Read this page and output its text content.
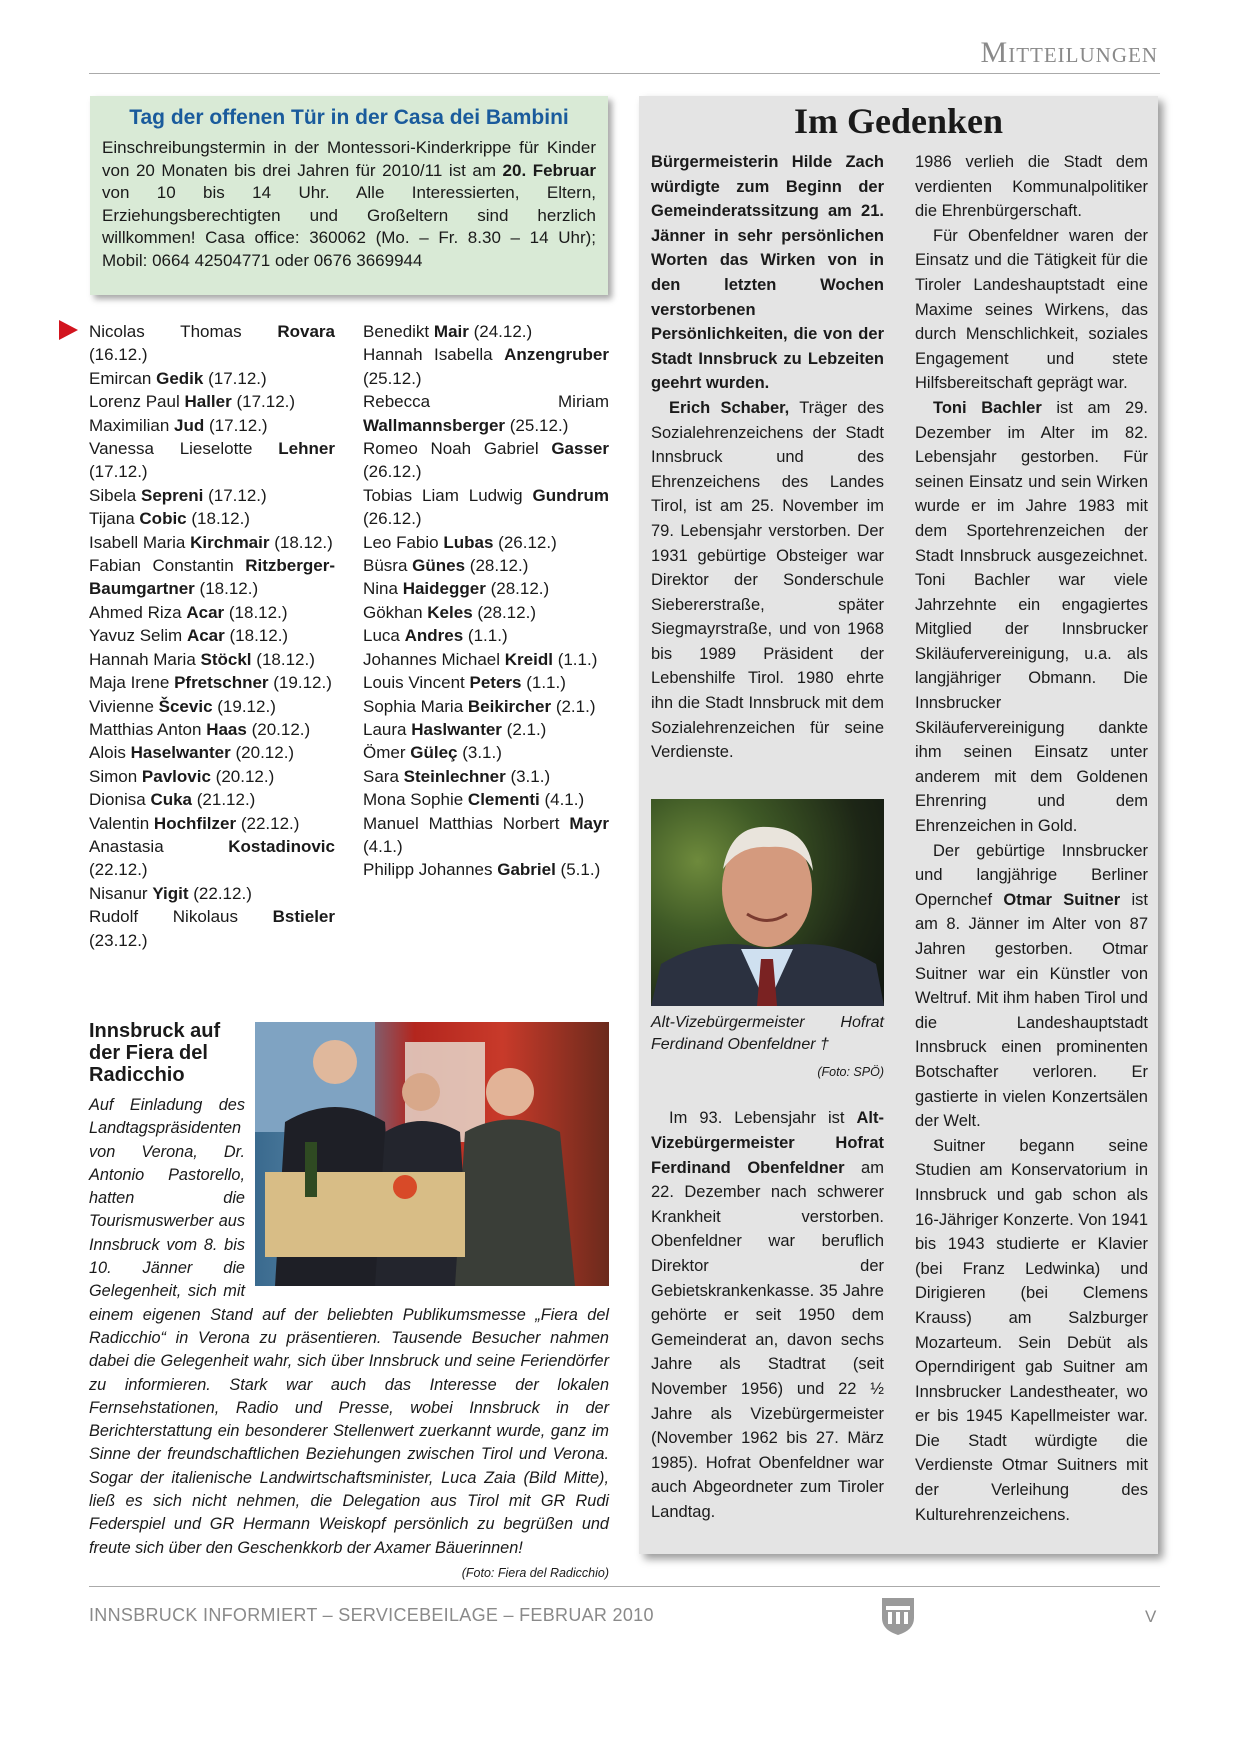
Mitteilungen
Tag der offenen Tür in der Casa dei Bambini

Einschreibungstermin in der Montessori-Kinderkrippe für Kinder von 20 Monaten bis drei Jahren für 2010/11 ist am 20. Februar von 10 bis 14 Uhr. Alle Interessierten, Eltern, Erziehungsberechtigten und Großeltern sind herzlich willkommen! Casa office: 360062 (Mo. – Fr. 8.30 – 14 Uhr); Mobil: 0664 42504771 oder 0676 3669944

Nicolas Thomas Rovara (16.12.)
Emircan Gedik (17.12.)
Lorenz Paul Haller (17.12.)
Maximilian Jud (17.12.)
Vanessa Lieselotte Lehner (17.12.)
Sibela Sepreni (17.12.)
Tijana Cobic (18.12.)
Isabell Maria Kirchmair (18.12.)
Fabian Constantin Ritzberger-Baumgartner (18.12.)
Ahmed Riza Acar (18.12.)
Yavuz Selim Acar (18.12.)
Hannah Maria Stöckl (18.12.)
Maja Irene Pfretschner (19.12.)
Vivienne Šcevic (19.12.)
Matthias Anton Haas (20.12.)
Alois Haselwanter (20.12.)
Simon Pavlovic (20.12.)
Dionisa Cuka (21.12.)
Valentin Hochfilzer (22.12.)
Anastasia	Kostadinovic (22.12.)
Nisanur Yigit (22.12.)
Rudolf Nikolaus Bstieler (23.12.)
Benedikt Mair (24.12.)
Hannah Isabella Anzengruber (25.12.)
Rebecca Miriam Wallmannsberger (25.12.)
Romeo Noah Gabriel Gasser (26.12.)
Tobias Liam Ludwig Gundrum (26.12.)
Leo Fabio Lubas (26.12.)
Büsra Günes (28.12.)
Nina Haidegger (28.12.)
Gökhan Keles (28.12.)
Luca Andres (1.1.)
Johannes Michael Kreidl (1.1.)
Louis Vincent Peters (1.1.)
Sophia Maria Beikircher (2.1.)
Laura Haslwanter (2.1.)
Ömer Güleç (3.1.)
Sara Steinlechner (3.1.)
Mona Sophie Clementi (4.1.)
Manuel Matthias Norbert Mayr (4.1.)
Philipp Johannes Gabriel (5.1.)
Innsbruck auf der Fiera del Radicchio

Auf Einladung des Landtagspräsidenten von Verona, Dr. Antonio Pastorello, hatten die Tourismuswerber aus Innsbruck vom 8. bis 10. Jänner die Gelegenheit, sich mit einem eigenen Stand auf der beliebten Publikumsmesse „Fiera del Radicchio“ in Verona zu präsentieren. Tausende Besucher nahmen dabei die Gelegenheit wahr, sich über Innsbruck und seine Feriendörfer zu informieren. Stark war auch das Interesse der lokalen Fernsehstationen, Radio und Presse, wobei Innsbruck in der Berichterstattung ein besonderer Stellenwert zuerkannt wurde, ganz im Sinne der freundschaftlichen Beziehungen zwischen Tirol und Verona. Sogar der italienische Landwirtschaftsminister, Luca Zaia (Bild Mitte), ließ es sich nicht nehmen, die Delegation aus Tirol mit GR Rudi Federspiel und GR Hermann Weiskopf persönlich zu begrüßen und freute sich über den Geschenkkorb der Axamer Bäuerinnen!
(Foto: Fiera del Radicchio)

Im Gedenken

Bürgermeisterin Hilde Zach würdigte zum Beginn der Gemeinderatssitzung am 21. Jänner in sehr persönlichen Worten das Wirken von in den letzten Wochen verstorbenen Persönlichkeiten, die von der Stadt Innsbruck zu Lebzeiten geehrt wurden.

Erich Schaber, Träger des Sozialehrenzeichens der Stadt Innsbruck und des Ehrenzeichens des Landes Tirol, ist am 25. November im 79. Lebensjahr verstorben. Der 1931 gebürtige Obsteiger war Direktor der Sonderschule Siebererstraße, später Siegmayrstraße, und von 1968 bis 1989 Präsident der Lebenshilfe Tirol. 1980 ehrte ihn die Stadt Innsbruck mit dem Sozialehrenzeichen für seine Verdienste.

Alt-Vizebürgermeister Hofrat Ferdinand Obenfeldner †

(Foto: SPÖ)

Im 93. Lebensjahr ist Alt-Vizebürgermeister Hofrat Ferdinand Obenfeldner am 22. Dezember nach schwerer Krankheit verstorben. Obenfeldner war beruflich Direktor der Gebietskrankenkasse. 35 Jahre gehörte er seit 1950 dem Gemeinderat an, davon sechs Jahre als Stadtrat (seit November 1956) und 22 ½ Jahre als Vizebürgermeister (November 1962 bis 27. März 1985). Hofrat Obenfeldner war auch Abgeordneter zum Tiroler Landtag.

1986 verlieh die Stadt dem verdienten Kommunalpolitiker die Ehrenbürgerschaft.

Für Obenfeldner waren der Einsatz und die Tätigkeit für die Tiroler Landeshauptstadt eine Maxime seines Wirkens, das durch Menschlichkeit, soziales Engagement und stete Hilfsbereitschaft geprägt war.

Toni Bachler ist am 29. Dezember im Alter im 82. Lebensjahr gestorben. Für seinen Einsatz und sein Wirken wurde er im Jahre 1983 mit dem Sportehrenzeichen der Stadt Innsbruck ausgezeichnet. Toni Bachler war viele Jahrzehnte ein engagiertes Mitglied der Innsbrucker Skiläufervereinigung, u.a. als langjähriger Obmann. Die Innsbrucker Skiläufervereinigung dankte ihm seinen Einsatz unter anderem mit dem Goldenen Ehrenring und dem Ehrenzeichen in Gold.

Der gebürtige Innsbrucker und langjährige Berliner Opernchef Otmar Suitner ist am 8. Jänner im Alter von 87 Jahren gestorben. Otmar Suitner war ein Künstler von Weltruf. Mit ihm haben Tirol und die Landeshauptstadt Innsbruck einen prominenten Botschafter verloren. Er gastierte in vielen Konzertsälen der Welt.

Suitner begann seine Studien am Konservatorium in Innsbruck und gab schon als 16-Jähriger Konzerte. Von 1941 bis 1943 studierte er Klavier (bei Franz Ledwinka) und Dirigieren (bei Clemens Krauss) am Salzburger Mozarteum. Sein Debüt als Operndirigent gab Suitner am Innsbrucker Landestheater, wo er bis 1945 Kapellmeister war. Die Stadt würdigte die Verdienste Otmar Suitners mit der Verleihung des Kulturehrenzeichens.

INNSBRUCK INFORMIERT – SERVICEBEILAGE – FEBRUAR 2010	V
